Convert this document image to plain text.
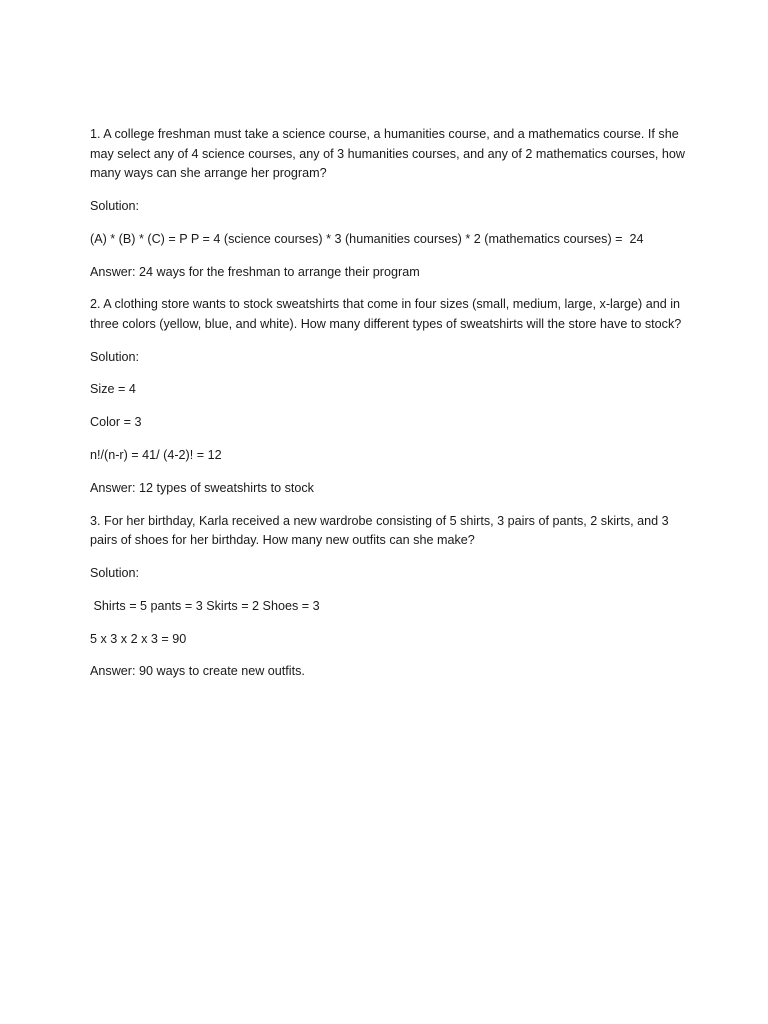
1. A college freshman must take a science course, a humanities course, and a mathematics course. If she may select any of 4 science courses, any of 3 humanities courses, and any of 2 mathematics courses, how many ways can she arrange her program?

Solution:

(A) * (B) * (C) = P P = 4 (science courses) * 3 (humanities courses) * 2 (mathematics courses) =  24

Answer: 24 ways for the freshman to arrange their program

2. A clothing store wants to stock sweatshirts that come in four sizes (small, medium, large, x-large) and in three colors (yellow, blue, and white). How many different types of sweatshirts will the store have to stock?

Solution:

Size = 4

Color = 3

n!/(n-r) = 41/ (4-2)! = 12

Answer: 12 types of sweatshirts to stock

3. For her birthday, Karla received a new wardrobe consisting of 5 shirts, 3 pairs of pants, 2 skirts, and 3 pairs of shoes for her birthday. How many new outfits can she make?

Solution:

Shirts = 5 pants = 3 Skirts = 2 Shoes = 3

5 x 3 x 2 x 3 = 90

Answer: 90 ways to create new outfits.
